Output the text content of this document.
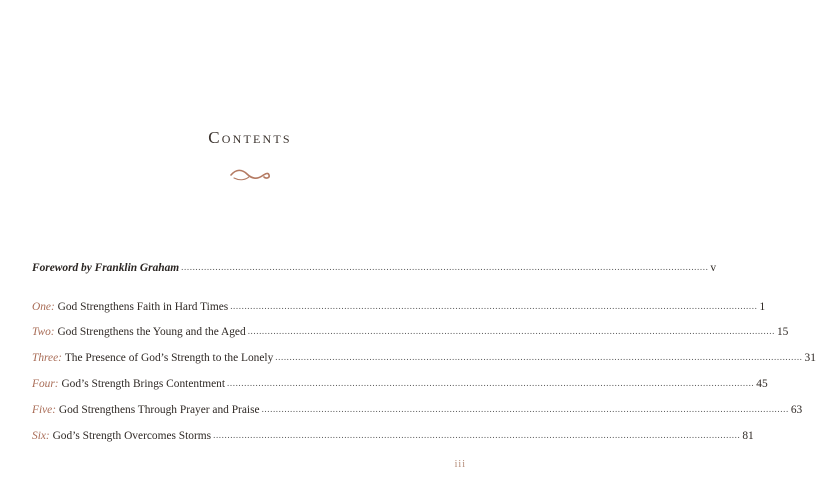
Contents
Foreword by Franklin Graham ......................................................................................................................................................................................... v
One:
God Strengthens Faith in Hard Times ......................................................................................................................................................................................... 1
Two:
God Strengthens the Young and the Aged ......................................................................................................................................................................................... 15
Three:
The Presence of God’s Strength to the Lonely ......................................................................................................................................................................................... 31
Four:
God’s Strength Brings Contentment ......................................................................................................................................................................................... 45
Five:
God Strengthens Through Prayer and Praise ......................................................................................................................................................................................... 63
Six:
God’s Strength Overcomes Storms ......................................................................................................................................................................................... 81
iii
